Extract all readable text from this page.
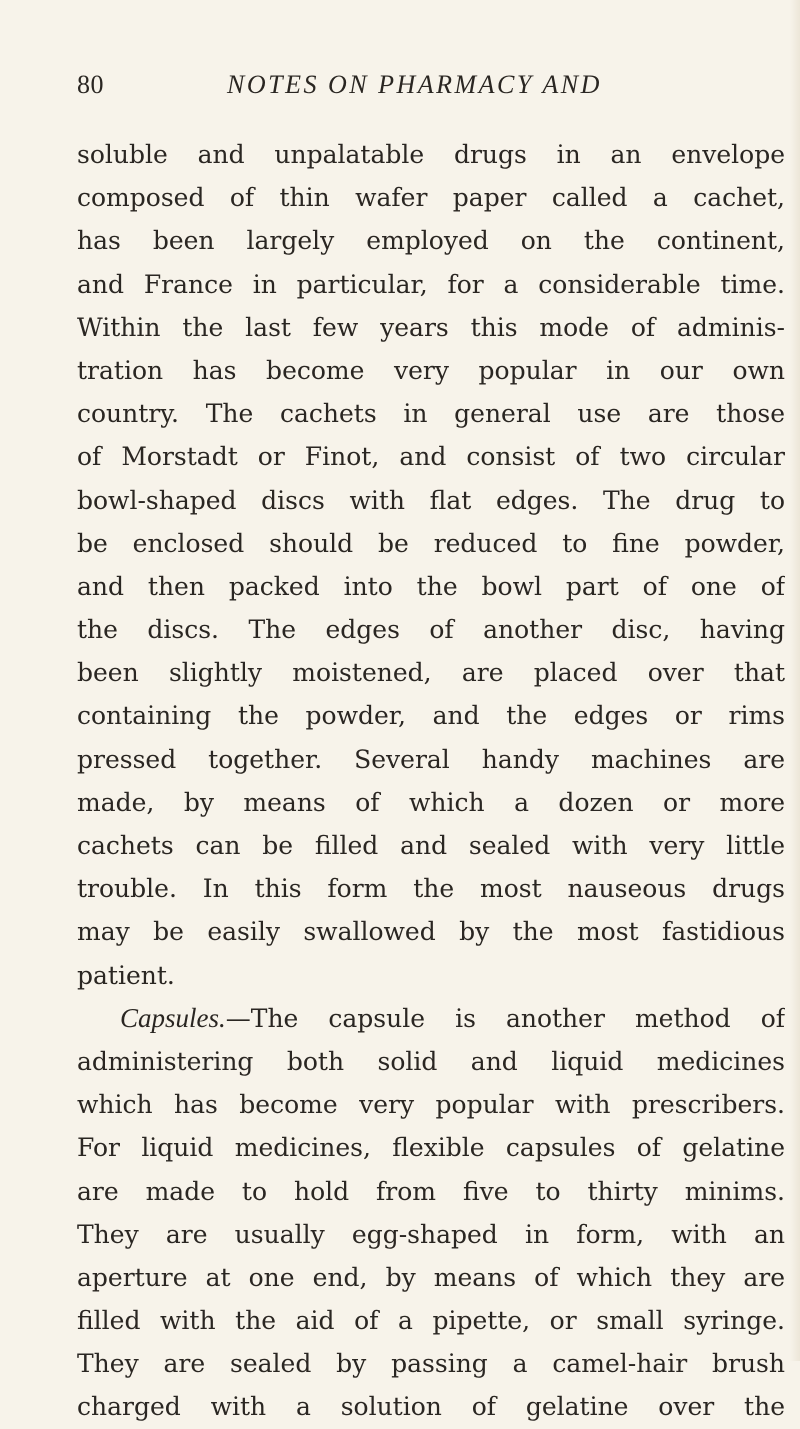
80	NOTES ON PHARMACY AND
soluble and unpalatable drugs in an envelope
composed of thin wafer paper called a cachet,
has been largely employed on the continent,
and France in particular, for a considerable time.
Within the last few years this mode of adminis-
tration has become very popular in our own
country. The cachets in general use are those
of Morstadt or Finot, and consist of two circular
bowl-shaped discs with flat edges. The drug to
be enclosed should be reduced to fine powder,
and then packed into the bowl part of one of
the discs. The edges of another disc, having
been slightly moistened, are placed over that
containing the powder, and the edges or rims
pressed together. Several handy machines are
made, by means of which a dozen or more
cachets can be filled and sealed with very little
trouble. In this form the most nauseous drugs
may be easily swallowed by the most fastidious
patient.
Capsules.—The capsule is another method of
administering both solid and liquid medicines
which has become very popular with prescribers.
For liquid medicines, flexible capsules of gelatine
are made to hold from five to thirty minims.
They are usually egg-shaped in form, with an
aperture at one end, by means of which they are
filled with the aid of a pipette, or small syringe.
They are sealed by passing a camel-hair brush
charged with a solution of gelatine over the
